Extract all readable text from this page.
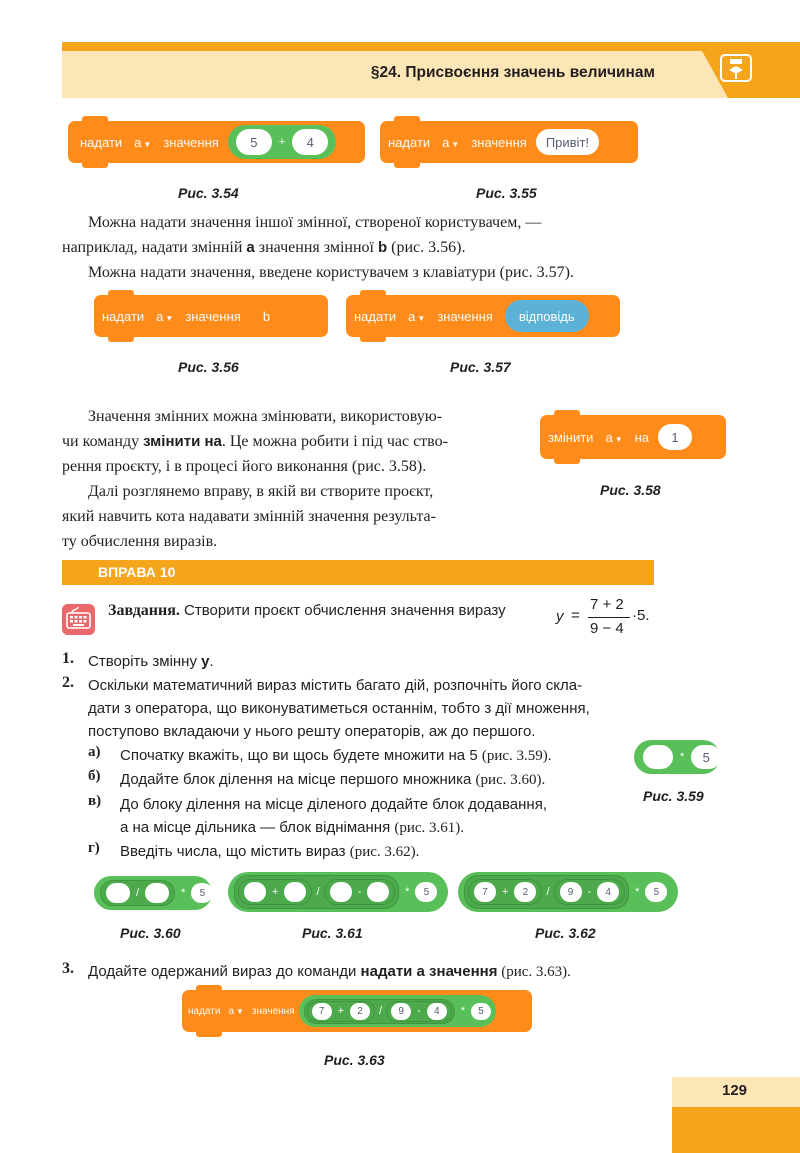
§24. Присвоєння значень величинам
надати а ▼ значення	5	+	4
Рис. 3.54
надати а ▼ значення	Привіт!
Рис. 3.55
Можна надати значення іншої змінної, створеної користувачем, —
наприклад, надати змінній а значення змінної b (рис. 3.56).
Можна надати значення, введене користувачем з клавіатури (рис. 3.57).
надати а ▼ значення	b
Рис. 3.56
надати а ▼ значення	відповідь
Рис. 3.57
Значення змінних можна змінювати, використовую-
чи команду змінити на. Це можна робити і під час ство-
рення проєкту, і в процесі його виконання (рис. 3.58).
Далі розглянемо вправу, в якій ви створите проєкт,
який навчить кота надавати змінній значення результа-
ту обчислення виразів.
змінити а ▼ на	1
Рис. 3.58
ВПРАВА 10
Завдання. Створити проєкт обчислення значення виразу	y =
7 + 2
9 − 4
·5.
1. Створіть змінну у.
2. Оскільки математичний вираз містить багато дій, розпочніть його скла-
дати з оператора, що виконуватиметься останнім, тобто з дії множення,
поступово вкладаючи у нього решту операторів, аж до першого.
а) Спочатку вкажіть, що ви щось будете множити на 5 (рис. 3.59).
б) Додайте блок ділення на місце першого множника (рис. 3.60).
в) До блоку ділення на місце діленого додайте блок додавання,
а на місце дільника — блок віднімання (рис. 3.61).
г) Введіть числа, що містить вираз (рис. 3.62).
*	5
Рис. 3.59
/	*	5
Рис. 3.60
+	/	-	*	5
Рис. 3.61
7	+	2	/	9	-	4	*	5
Рис. 3.62
3. Додайте одержаний вираз до команди надати а значення (рис. 3.63).
надати а ▼ значення	7	+	2	/	9	-	4	*	5
Рис. 3.63
129
